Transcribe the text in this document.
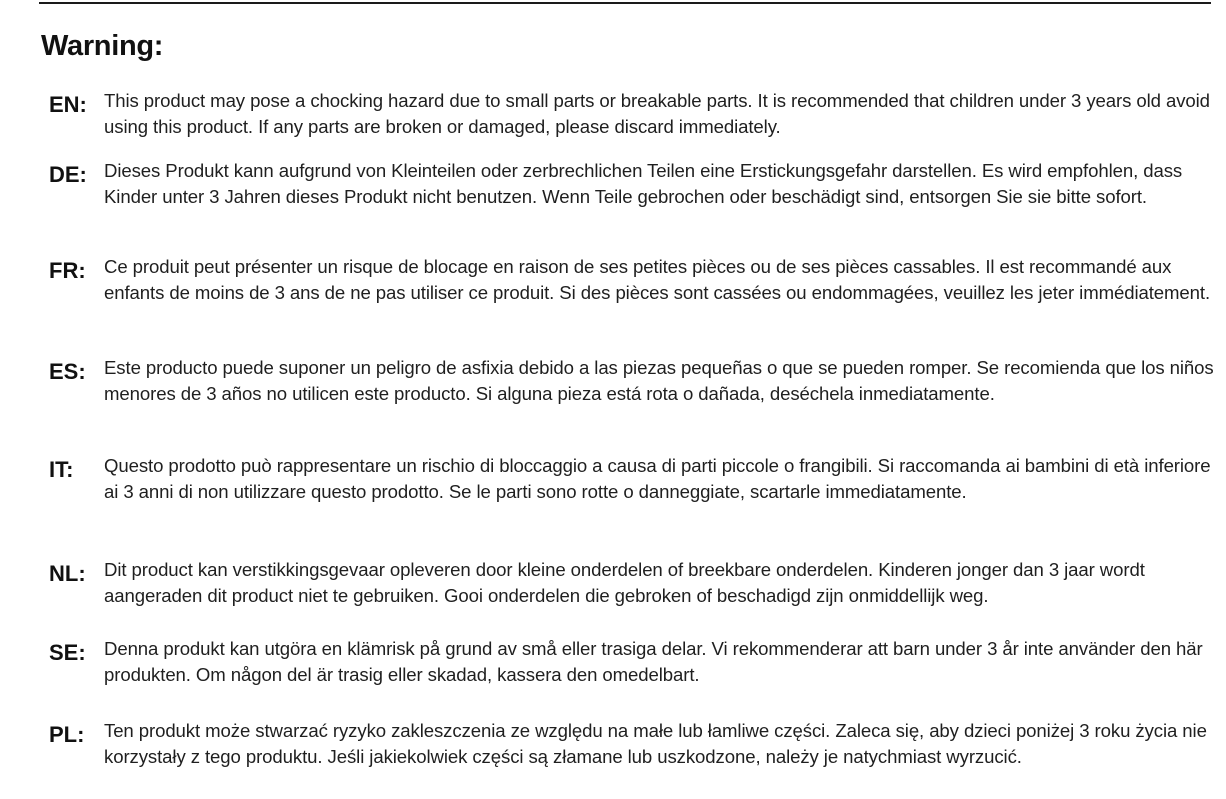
Warning:
EN: This product may pose a chocking hazard due to small parts or breakable parts. It is recommended that children under 3 years old avoid using this product. If any parts are broken or damaged, please discard immediately.

DE: Dieses Produkt kann aufgrund von Kleinteilen oder zerbrechlichen Teilen eine Erstickungsgefahr darstellen. Es wird empfohlen, dass Kinder unter 3 Jahren dieses Produkt nicht benutzen. Wenn Teile gebrochen oder beschädigt sind, entsorgen Sie sie bitte sofort.

FR: Ce produit peut présenter un risque de blocage en raison de ses petites pièces ou de ses pièces cassables. Il est recommandé aux enfants de moins de 3 ans de ne pas utiliser ce produit. Si des pièces sont cassées ou endommagées, veuillez les jeter immédiatement.

ES: Este producto puede suponer un peligro de asfixia debido a las piezas pequeñas o que se pueden romper. Se recomienda que los niños menores de 3 años no utilicen este producto. Si alguna pieza está rota o dañada, deséchela inmediatamente.

IT: Questo prodotto può rappresentare un rischio di bloccaggio a causa di parti piccole o frangibili. Si raccomanda ai bambini di età inferiore ai 3 anni di non utilizzare questo prodotto. Se le parti sono rotte o danneggiate, scartarle immediatamente.

NL: Dit product kan verstikkingsgevaar opleveren door kleine onderdelen of breekbare onderdelen. Kinderen jonger dan 3 jaar wordt aangeraden dit product niet te gebruiken. Gooi onderdelen die gebroken of beschadigd zijn onmiddellijk weg.

SE: Denna produkt kan utgöra en klämrisk på grund av små eller trasiga delar. Vi rekommenderar att barn under 3 år inte använder den här produkten. Om någon del är trasig eller skadad, kassera den omedelbart.

PL: Ten produkt może stwarzać ryzyko zakleszczenia ze względu na małe lub łamliwe części. Zaleca się, aby dzieci poniżej 3 roku życia nie korzystały z tego produktu. Jeśli jakiekolwiek części są złamane lub uszkodzone, należy je natychmiast wyrzucić.
